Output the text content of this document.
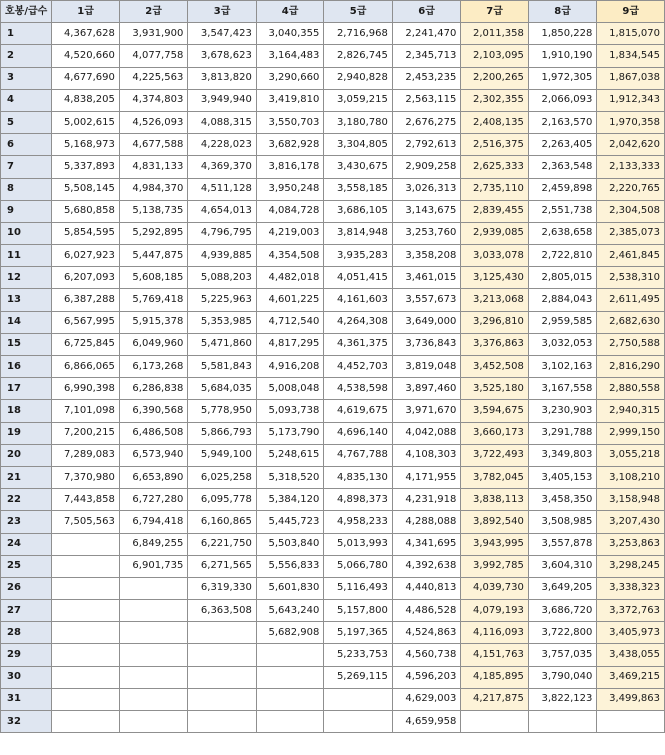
호봉/급수	1급	2급	3급	4급	5급	6급	7급	8급	9급
1	4,367,628	3,931,900	3,547,423	3,040,355	2,716,968	2,241,470	2,011,358	1,850,228	1,815,070
2	4,520,660	4,077,758	3,678,623	3,164,483	2,826,745	2,345,713	2,103,095	1,910,190	1,834,545
3	4,677,690	4,225,563	3,813,820	3,290,660	2,940,828	2,453,235	2,200,265	1,972,305	1,867,038
4	4,838,205	4,374,803	3,949,940	3,419,810	3,059,215	2,563,115	2,302,355	2,066,093	1,912,343
5	5,002,615	4,526,093	4,088,315	3,550,703	3,180,780	2,676,275	2,408,135	2,163,570	1,970,358
6	5,168,973	4,677,588	4,228,023	3,682,928	3,304,805	2,792,613	2,516,375	2,263,405	2,042,620
7	5,337,893	4,831,133	4,369,370	3,816,178	3,430,675	2,909,258	2,625,333	2,363,548	2,133,333
8	5,508,145	4,984,370	4,511,128	3,950,248	3,558,185	3,026,313	2,735,110	2,459,898	2,220,765
9	5,680,858	5,138,735	4,654,013	4,084,728	3,686,105	3,143,675	2,839,455	2,551,738	2,304,508
10	5,854,595	5,292,895	4,796,795	4,219,003	3,814,948	3,253,760	2,939,085	2,638,658	2,385,073
11	6,027,923	5,447,875	4,939,885	4,354,508	3,935,283	3,358,208	3,033,078	2,722,810	2,461,845
12	6,207,093	5,608,185	5,088,203	4,482,018	4,051,415	3,461,015	3,125,430	2,805,015	2,538,310
13	6,387,288	5,769,418	5,225,963	4,601,225	4,161,603	3,557,673	3,213,068	2,884,043	2,611,495
14	6,567,995	5,915,378	5,353,985	4,712,540	4,264,308	3,649,000	3,296,810	2,959,585	2,682,630
15	6,725,845	6,049,960	5,471,860	4,817,295	4,361,375	3,736,843	3,376,863	3,032,053	2,750,588
16	6,866,065	6,173,268	5,581,843	4,916,208	4,452,703	3,819,048	3,452,508	3,102,163	2,816,290
17	6,990,398	6,286,838	5,684,035	5,008,048	4,538,598	3,897,460	3,525,180	3,167,558	2,880,558
18	7,101,098	6,390,568	5,778,950	5,093,738	4,619,675	3,971,670	3,594,675	3,230,903	2,940,315
19	7,200,215	6,486,508	5,866,793	5,173,790	4,696,140	4,042,088	3,660,173	3,291,788	2,999,150
20	7,289,083	6,573,940	5,949,100	5,248,615	4,767,788	4,108,303	3,722,493	3,349,803	3,055,218
21	7,370,980	6,653,890	6,025,258	5,318,520	4,835,130	4,171,955	3,782,045	3,405,153	3,108,210
22	7,443,858	6,727,280	6,095,778	5,384,120	4,898,373	4,231,918	3,838,113	3,458,350	3,158,948
23	7,505,563	6,794,418	6,160,865	5,445,723	4,958,233	4,288,088	3,892,540	3,508,985	3,207,430
24		6,849,255	6,221,750	5,503,840	5,013,993	4,341,695	3,943,995	3,557,878	3,253,863
25		6,901,735	6,271,565	5,556,833	5,066,780	4,392,638	3,992,785	3,604,310	3,298,245
26			6,319,330	5,601,830	5,116,493	4,440,813	4,039,730	3,649,205	3,338,323
27			6,363,508	5,643,240	5,157,800	4,486,528	4,079,193	3,686,720	3,372,763
28				5,682,908	5,197,365	4,524,863	4,116,093	3,722,800	3,405,973
29					5,233,753	4,560,738	4,151,763	3,757,035	3,438,055
30					5,269,115	4,596,203	4,185,895	3,790,040	3,469,215
31						4,629,003	4,217,875	3,822,123	3,499,863
32						4,659,958			
